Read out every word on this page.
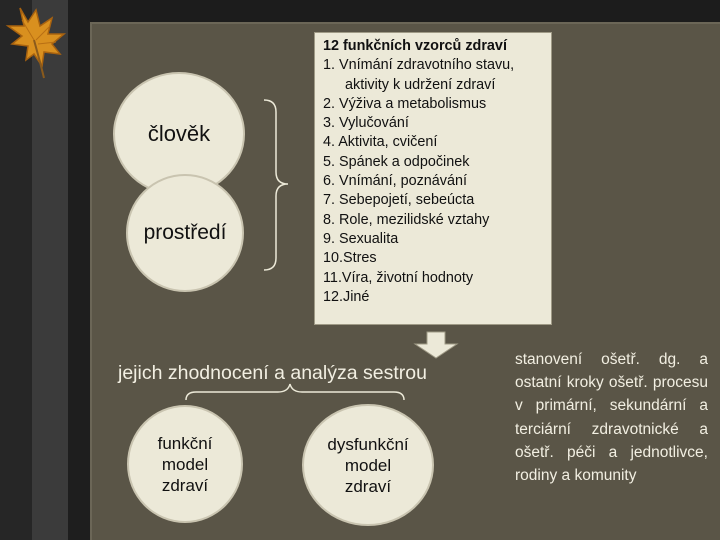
člověk
prostředí
12 funkčních vzorců zdraví
1. Vnímání zdravotního stavu,
aktivity k udržení zdraví
2. Výživa a metabolismus
3. Vylučování
4. Aktivita, cvičení
5. Spánek a odpočinek
6. Vnímání, poznávání
7. Sebepojetí, sebeúcta
8. Role, mezilidské vztahy
9. Sexualita
10.Stres
11.Víra, životní hodnoty
12.Jiné
jejich zhodnocení a analýza sestrou
funkční
model
zdraví
dysfunkční
model
zdraví
stanovení ošetř. dg. a ostatní kroky ošetř. procesu v primární, sekundární a terciární zdravotnické a ošetř. péči a jednotlivce, rodiny a komunity
